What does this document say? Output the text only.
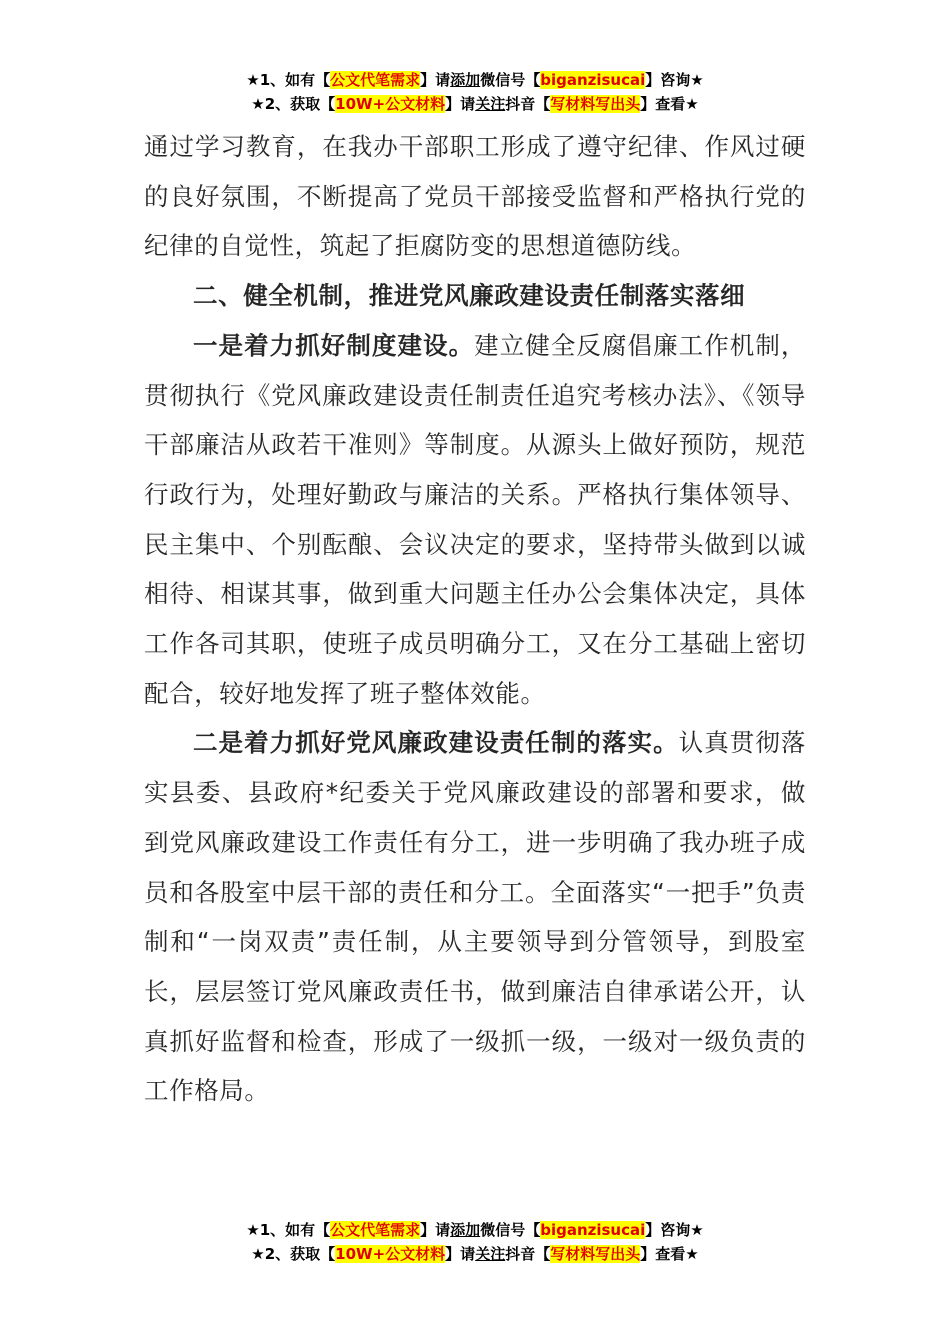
★1、如有【公文代笔需求】请添加微信号【biganzisucai】咨询★
★2、获取【10W+公文材料】请关注抖音【写材料写出头】查看★

通过学习教育，在我办干部职工形成了遵守纪律、作风过硬的良好氛围，不断提高了党员干部接受监督和严格执行党的纪律的自觉性，筑起了拒腐防变的思想道德防线。

二、健全机制，推进党风廉政建设责任制落实落细

一是着力抓好制度建设。建立健全反腐倡廉工作机制，贯彻执行《党风廉政建设责任制责任追究考核办法》、《领导干部廉洁从政若干准则》等制度。从源头上做好预防，规范行政行为，处理好勤政与廉洁的关系。严格执行集体领导、民主集中、个别酝酿、会议决定的要求，坚持带头做到以诚相待、相谋其事，做到重大问题主任办公会集体决定，具体工作各司其职，使班子成员明确分工，又在分工基础上密切配合，较好地发挥了班子整体效能。

二是着力抓好党风廉政建设责任制的落实。认真贯彻落实县委、县政府*纪委关于党风廉政建设的部署和要求，做到党风廉政建设工作责任有分工，进一步明确了我办班子成员和各股室中层干部的责任和分工。全面落实“一把手”负责制和“一岗双责”责任制，从主要领导到分管领导，到股室长，层层签订党风廉政责任书，做到廉洁自律承诺公开，认真抓好监督和检查，形成了一级抓一级，一级对一级负责的工作格局。

★1、如有【公文代笔需求】请添加微信号【biganzisucai】咨询★
★2、获取【10W+公文材料】请关注抖音【写材料写出头】查看★
